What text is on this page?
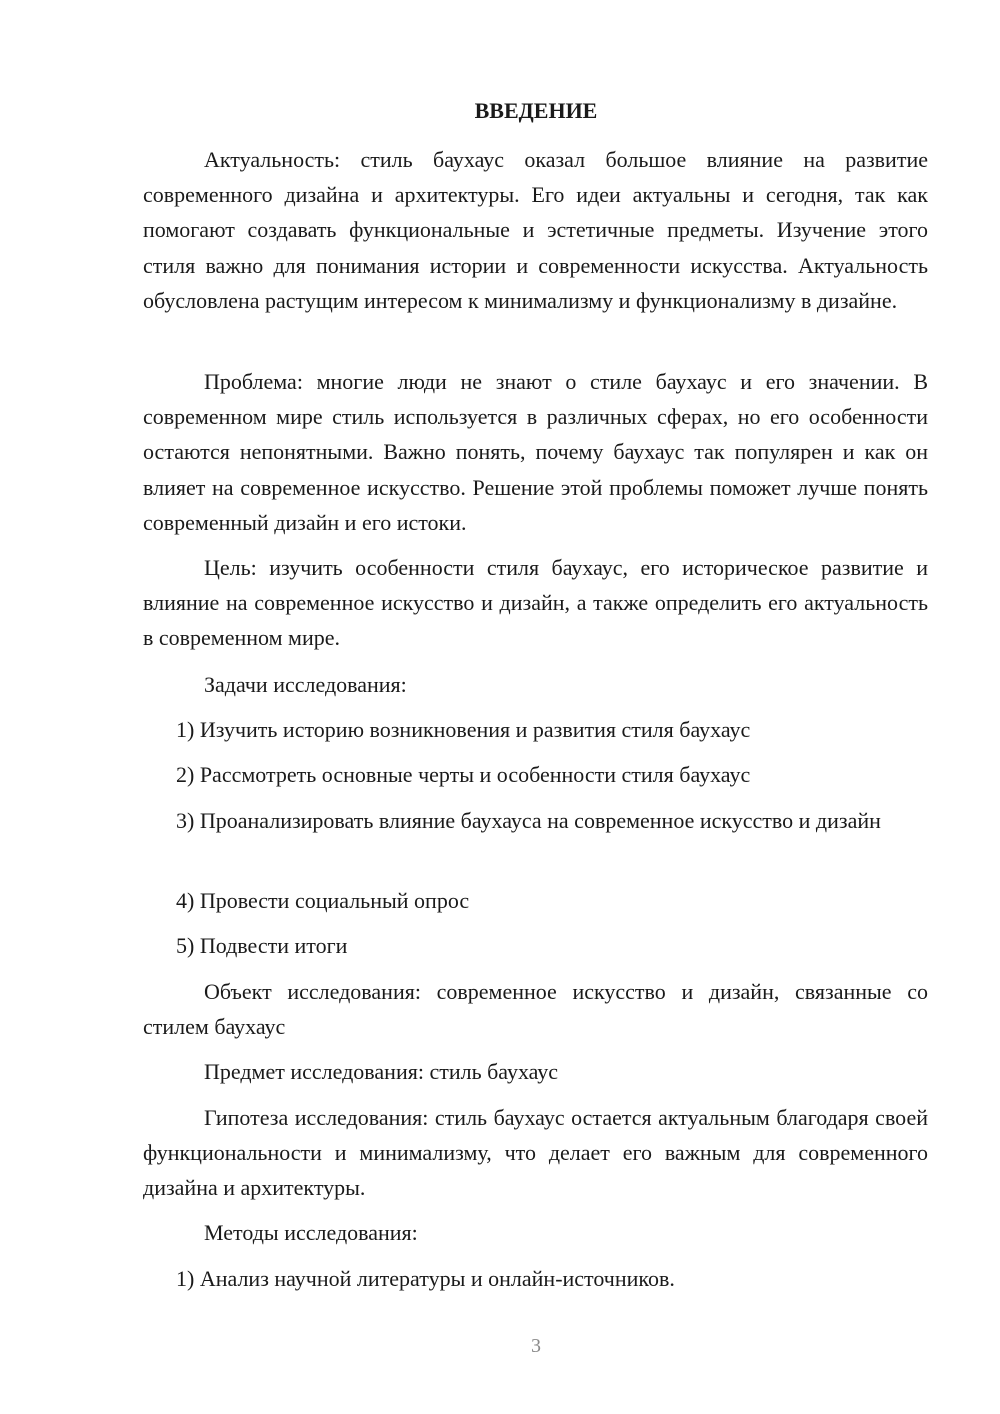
ВВЕДЕНИЕ

Актуальность: стиль баухаус оказал большое влияние на развитие современного дизайна и архитектуры. Его идеи актуальны и сегодня, так как помогают создавать функциональные и эстетичные предметы. Изучение этого стиля важно для понимания истории и современности искусства. Актуальность обусловлена растущим интересом к минимализму и функционализму в дизайне.

Проблема: многие люди не знают о стиле баухаус и его значении. В современном мире стиль используется в различных сферах, но его особенности остаются непонятными. Важно понять, почему баухаус так популярен и как он влияет на современное искусство. Решение этой проблемы поможет лучше понять современный дизайн и его истоки.

Цель: изучить особенности стиля баухаус, его историческое развитие и влияние на современное искусство и дизайн, а также определить его актуальность в современном мире.

Задачи исследования:

1) Изучить историю возникновения и развития стиля баухаус

2) Рассмотреть основные черты и особенности стиля баухаус

3) Проанализировать влияние баухауса на современное искусство и дизайн

4) Провести социальный опрос

5) Подвести итоги

Объект исследования: современное искусство и дизайн, связанные со стилем баухаус

Предмет исследования: стиль баухаус

Гипотеза исследования: стиль баухаус остается актуальным благодаря своей функциональности и минимализму, что делает его важным для современного дизайна и архитектуры.

Методы исследования:

1) Анализ научной литературы и онлайн-источников.

3
